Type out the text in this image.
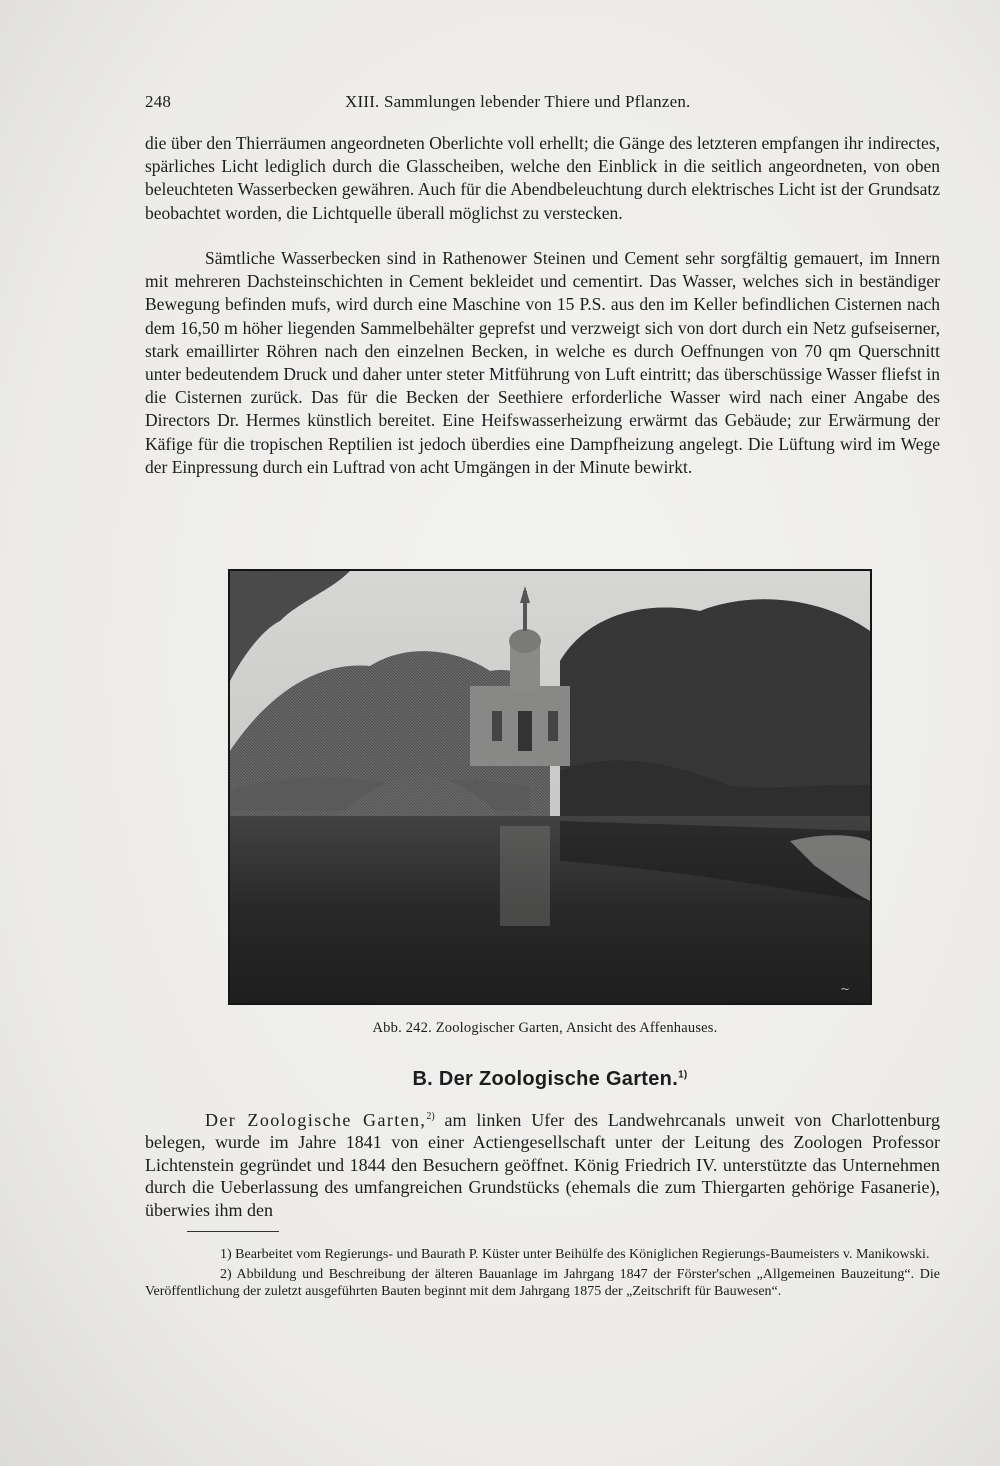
248	XIII. Sammlungen lebender Thiere und Pflanzen.

die über den Thierräumen angeordneten Oberlichte voll erhellt; die Gänge des letzteren empfangen ihr indirectes, spärliches Licht lediglich durch die Glasscheiben, welche den Einblick in die seitlich angeordneten, von oben beleuchteten Wasserbecken gewähren. Auch für die Abendbeleuchtung durch elektrisches Licht ist der Grundsatz beobachtet worden, die Lichtquelle überall möglichst zu verstecken.

Sämtliche Wasserbecken sind in Rathenower Steinen und Cement sehr sorgfältig gemauert, im Innern mit mehreren Dachsteinschichten in Cement bekleidet und cementirt. Das Wasser, welches sich in beständiger Bewegung befinden mufs, wird durch eine Maschine von 15 P.S. aus den im Keller befindlichen Cisternen nach dem 16,50 m höher liegenden Sammelbehälter geprefst und verzweigt sich von dort durch ein Netz gufseiserner, stark emaillirter Röhren nach den einzelnen Becken, in welche es durch Oeffnungen von 70 qm Querschnitt unter bedeutendem Druck und daher unter steter Mitführung von Luft eintritt; das überschüssige Wasser fliefst in die Cisternen zurück. Das für die Becken der Seethiere erforderliche Wasser wird nach einer Angabe des Directors Dr. Hermes künstlich bereitet. Eine Heifswasserheizung erwärmt das Gebäude; zur Erwärmung der Käfige für die tropischen Reptilien ist jedoch überdies eine Dampfheizung angelegt. Die Lüftung wird im Wege der Einpressung durch ein Luftrad von acht Umgängen in der Minute bewirkt.

~
Abb. 242. Zoologischer Garten, Ansicht des Affenhauses.
B. Der Zoologische Garten.$^{1)}$

Der Zoologische Garten,$^{2)}$ am linken Ufer des Landwehrcanals unweit von Charlottenburg belegen, wurde im Jahre 1841 von einer Actiengesellschaft unter der Leitung des Zoologen Professor Lichtenstein gegründet und 1844 den Besuchern geöffnet. König Friedrich IV. unterstützte das Unternehmen durch die Ueberlassung des umfangreichen Grundstücks (ehemals die zum Thiergarten gehörige Fasanerie), überwies ihm den

1) Bearbeitet vom Regierungs- und Baurath P. Küster unter Beihülfe des Königlichen Regierungs-Baumeisters v. Manikowski.

2) Abbildung und Beschreibung der älteren Bauanlage im Jahrgang 1847 der Förster'schen „Allgemeinen Bauzeitung“. Die Veröffentlichung der zuletzt ausgeführten Bauten beginnt mit dem Jahrgang 1875 der „Zeitschrift für Bauwesen“.
